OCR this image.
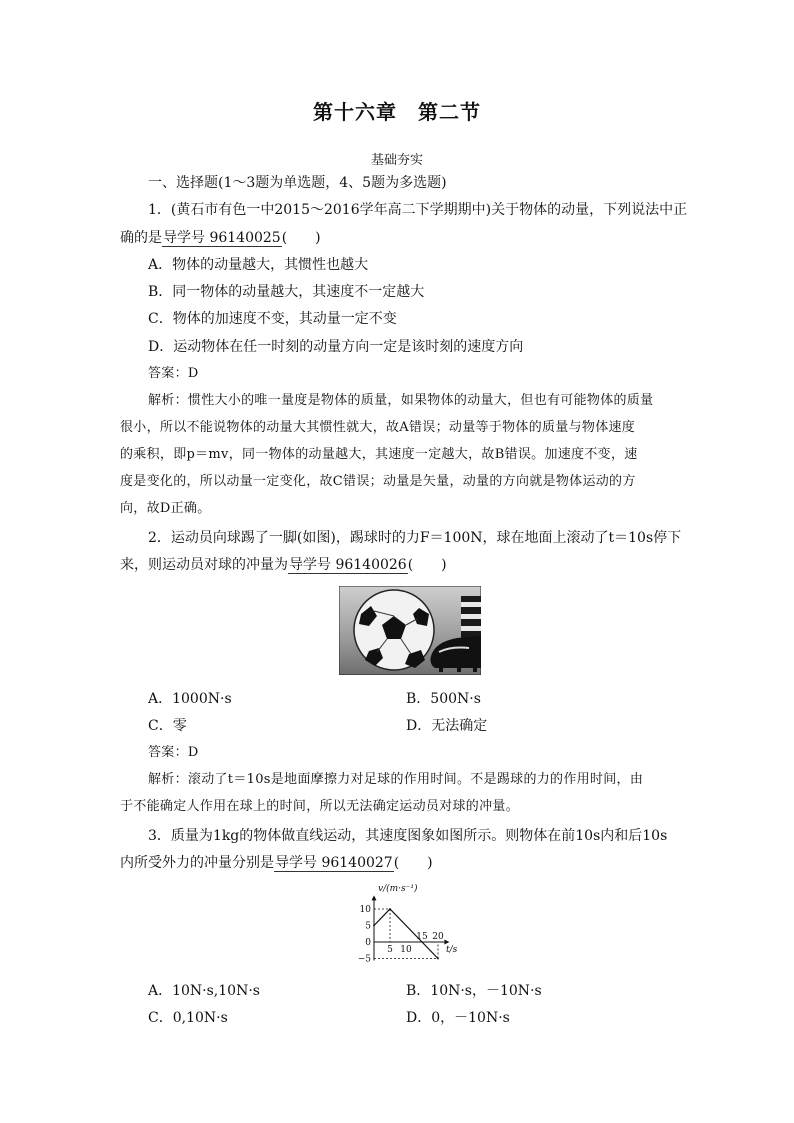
第十六章　第二节
基础夯实
一、选择题(1～3题为单选题，4、5题为多选题)
1．(黄石市有色一中2015～2016学年高二下学期期中)关于物体的动量，下列说法中正
确的是导学号 96140025(　　)
A．物体的动量越大，其惯性也越大
B．同一物体的动量越大，其速度不一定越大
C．物体的加速度不变，其动量一定不变
D．运动物体在任一时刻的动量方向一定是该时刻的速度方向
答案：D
解析：惯性大小的唯一量度是物体的质量，如果物体的动量大，但也有可能物体的质量
很小，所以不能说物体的动量大其惯性就大，故A错误；动量等于物体的质量与物体速度
的乘积，即p＝mv，同一物体的动量越大，其速度一定越大，故B错误。加速度不变，速
度是变化的，所以动量一定变化，故C错误；动量是矢量，动量的方向就是物体运动的方
向，故D正确。
2．运动员向球踢了一脚(如图)，踢球时的力F＝100N，球在地面上滚动了t＝10s停下
来，则运动员对球的冲量为导学号 96140026(　　)
A．1000N·s	B．500N·s
C．零	D．无法确定
答案：D
解析：滚动了t＝10s是地面摩擦力对足球的作用时间。不是踢球的力的作用时间，由
于不能确定人作用在球上的时间，所以无法确定运动员对球的冲量。
3．质量为1kg的物体做直线运动，其速度图象如图所示。则物体在前10s内和后10s
内所受外力的冲量分别是导学号 96140027(　　)
v/(m·s⁻¹)
t/s
10
5
0
−5
5 10
15 20
A．10N·s,10N·s	B．10N·s，－10N·s
C．0,10N·s	D．0，－10N·s
